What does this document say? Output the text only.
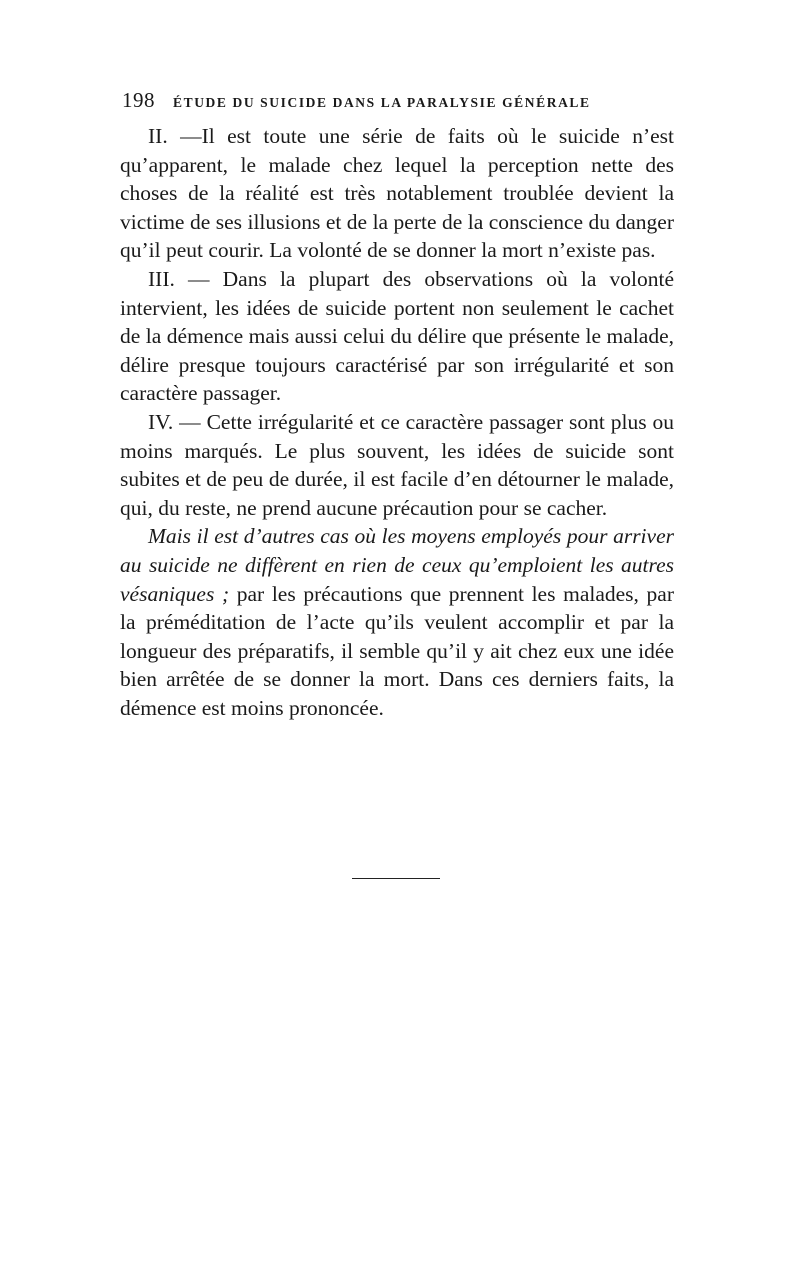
198 ÉTUDE DU SUICIDE DANS LA PARALYSIE GÉNÉRALE

II. —Il est toute une série de faits où le suicide n’est qu’apparent, le malade chez lequel la perception nette des choses de la réalité est très notablement troublée devient la victime de ses illusions et de la perte de la conscience du danger qu’il peut courir. La volonté de se donner la mort n’existe pas.

III. — Dans la plupart des observations où la volonté intervient, les idées de suicide portent non seulement le cachet de la démence mais aussi celui du délire que présente le malade, délire presque toujours caractérisé par son irrégularité et son caractère passager.

IV. — Cette irrégularité et ce caractère passager sont plus ou moins marqués. Le plus souvent, les idées de suicide sont subites et de peu de durée, il est facile d’en détourner le malade, qui, du reste, ne prend aucune précaution pour se cacher.

Mais il est d’autres cas où les moyens employés pour arriver au suicide ne diffèrent en rien de ceux qu’emploient les autres vésaniques ; par les précautions que prennent les malades, par la préméditation de l’acte qu’ils veulent accomplir et par la longueur des préparatifs, il semble qu’il y ait chez eux une idée bien arrêtée de se donner la mort. Dans ces derniers faits, la démence est moins prononcée.
